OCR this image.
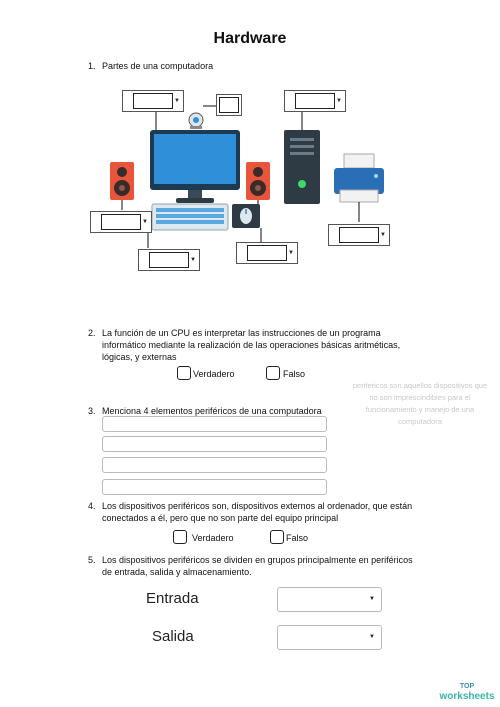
Hardware
1. Partes de una computadora
▼	▼
▼
▼
▼
▼
2. La función de un CPU es interpretar las instrucciones de un programa
informático mediante la realización de las operaciones básicas aritméticas,
lógicas, y externas
Verdadero	Falso
perifericos son aquellos dispositivos que no son imprescindibles para el funcionamiento y manejo de una computadora
3. Menciona 4 elementos periféricos de una computadora
4. Los dispositivos periféricos son, dispositivos externos al ordenador, que están
conectados a él, pero que no son parte del equipo principal
Verdadero	Falso
5. Los dispositivos periféricos se dividen en grupos principalmente en periféricos
de entrada, salida y almacenamiento.
Entrada	▼
Salida	▼
TOP
worksheets
